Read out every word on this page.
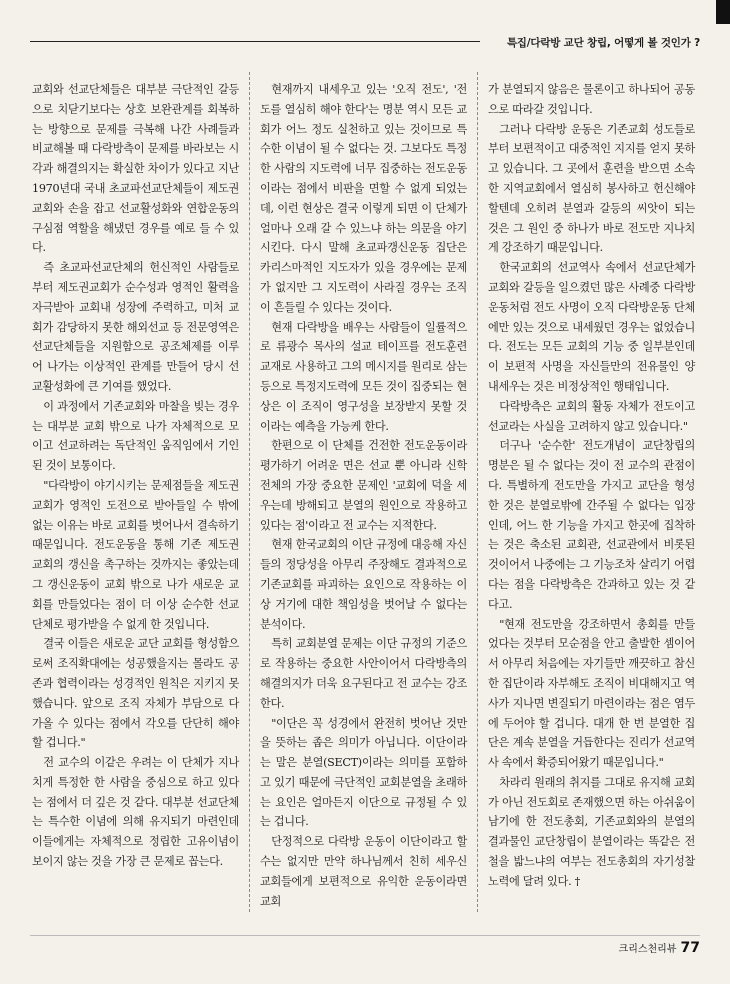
특집/다락방 교단 창립, 어떻게 볼 것인가 ?

교회와 선교단체들은 대부분 극단적인 갈등으로 치닫기보다는 상호 보완관계를 회복하는 방향으로 문제를 극복해 나간 사례들과 비교해볼 때 다락방측이 문제를 바라보는 시각과 해결의지는 확실한 차이가 있다고 지난 1970년대 국내 초교파선교단체들이 제도권 교회와 손을 잡고 선교활성화와 연합운동의 구심점 역할을 해냈던 경우를 예로 들 수 있다.

즉 초교파선교단체의 헌신적인 사람들로부터 제도권교회가 순수성과 영적인 활력을 자극받아 교회내 성장에 주력하고, 미처 교회가 감당하지 못한 해외선교 등 전문영역은 선교단체들을 지원함으로 공조체제를 이루어 나가는 이상적인 관계를 만들어 당시 선교활성화에 큰 기여를 했었다.

이 과정에서 기존교회와 마찰을 빚는 경우는 대부분 교회 밖으로 나가 자체적으로 모이고 선교하려는 독단적인 움직임에서 기인된 것이 보통이다.

"다락방이 야기시키는 문제점들을 제도권 교회가 영적인 도전으로 받아들일 수 밖에 없는 이유는 바로 교회를 벗어나서 결속하기 때문입니다. 전도운동을 통해 기존 제도권 교회의 갱신을 촉구하는 것까지는 좋았는데 그 갱신운동이 교회 밖으로 나가 새로운 교회를 만들었다는 점이 더 이상 순수한 선교단체로 평가받을 수 없게 한 것입니다.

결국 이들은 새로운 교단 교회를 형성함으로써 조직확대에는 성공했을지는 몰라도 공존과 협력이라는 성경적인 원칙은 지키지 못했습니다. 앞으로 조직 자체가 부담으로 다가올 수 있다는 점에서 각오를 단단히 해야 할 겁니다."

전 교수의 이같은 우려는 이 단체가 지나치게 특정한 한 사람을 중심으로 하고 있다는 점에서 더 깊은 것 같다. 대부분 선교단체는 특수한 이념에 의해 유지되기 마련인데 이들에게는 자체적으로 정립한 고유이념이 보이지 않는 것을 가장 큰 문제로 꼽는다.

현재까지 내세우고 있는 '오직 전도', '전도를 열심히 해야 한다'는 명분 역시 모든 교회가 어느 정도 실천하고 있는 것이므로 특수한 이념이 될 수 없다는 것. 그보다도 특정한 사람의 지도력에 너무 집중하는 전도운동이라는 점에서 비판을 면할 수 없게 되었는데, 이런 현상은 결국 이렇게 되면 이 단체가 얼마나 오래 갈 수 있느냐 하는 의문을 야기시킨다. 다시 말해 초교파갱신운동 집단은 카리스마적인 지도자가 있을 경우에는 문제가 없지만 그 지도력이 사라질 경우는 조직이 흔들릴 수 있다는 것이다.

현재 다락방을 배우는 사람들이 일률적으로 류광수 목사의 설교 테이프를 전도훈련 교재로 사용하고 그의 메시지를 원리로 삼는 등으로 특정지도력에 모든 것이 집중되는 현상은 이 조직이 영구성을 보장받지 못할 것이라는 예측을 가능케 한다.

한편으로 이 단체를 건전한 전도운동이라 평가하기 어려운 면은 선교 뿐 아니라 신학 전체의 가장 중요한 문제인 '교회에 덕을 세우는데 방해되고 분열의 원인으로 작용하고 있다는 점'이라고 전 교수는 지적한다.

현재 한국교회의 이단 규정에 대응해 자신들의 정당성을 아무리 주장해도 결과적으로 기존교회를 파괴하는 요인으로 작용하는 이상 거기에 대한 책임성을 벗어날 수 없다는 분석이다.

특히 교회분열 문제는 이단 규정의 기준으로 작용하는 중요한 사안이어서 다락방측의 해결의지가 더욱 요구된다고 전 교수는 강조한다.

"이단은 꼭 성경에서 완전히 벗어난 것만을 뜻하는 좁은 의미가 아닙니다. 이단이라는 말은 분열(SECT)이라는 의미를 포함하고 있기 때문에 극단적인 교회분열을 초래하는 요인은 얼마든지 이단으로 규정될 수 있는 겁니다.

단정적으로 다락방 운동이 이단이라고 할 수는 없지만 만약 하나님께서 친히 세우신 교회들에게 보편적으로 유익한 운동이라면 교회

가 분열되지 않음은 물론이고 하나되어 공동으로 따라갈 것입니다.

그러나 다락방 운동은 기존교회 성도들로부터 보편적이고 대중적인 지지를 얻지 못하고 있습니다. 그 곳에서 훈련을 받으면 소속한 지역교회에서 열심히 봉사하고 헌신해야 할텐데 오히려 분열과 갈등의 씨앗이 되는 것은 그 원인 중 하나가 바로 전도만 지나치게 강조하기 때문입니다.

한국교회의 선교역사 속에서 선교단체가 교회와 갈등을 일으켰던 많은 사례중 다락방운동처럼 전도 사명이 오직 다락방운동 단체에만 있는 것으로 내세웠던 경우는 없었습니다. 전도는 모든 교회의 기능 중 일부분인데 이 보편적 사명을 자신들만의 전유물인 양 내세우는 것은 비정상적인 행태입니다.

다락방측은 교회의 활동 자체가 전도이고 선교라는 사실을 고려하지 않고 있습니다."

더구나 '순수한' 전도개념이 교단창립의 명분은 될 수 없다는 것이 전 교수의 관점이다. 특별하게 전도만을 가지고 교단을 형성한 것은 분열로밖에 간주될 수 없다는 입장인데, 어느 한 기능을 가지고 한곳에 집착하는 것은 축소된 교회관, 선교관에서 비롯된 것이어서 나중에는 그 기능조차 살리기 어렵다는 점을 다락방측은 간과하고 있는 것 같다고.

"현재 전도만을 강조하면서 총회를 만들었다는 것부터 모순점을 안고 출발한 셈이어서 아무리 처음에는 자기들만 깨끗하고 참신한 집단이라 자부해도 조직이 비대해지고 역사가 지나면 변질되기 마련이라는 점은 염두에 두어야 할 겁니다. 대개 한 번 분열한 집단은 계속 분열을 거듭한다는 진리가 선교역사 속에서 확증되어왔기 때문입니다."

차라리 원래의 취지를 그대로 유지해 교회가 아닌 전도회로 존재했으면 하는 아쉬움이 남기에 한 전도총회, 기존교회와의 분열의 결과물인 교단창립이 분열이라는 똑같은 전철을 밟느냐의 여부는 전도총회의 자기성찰 노력에 달려 있다. †

크리스천리뷰 77
